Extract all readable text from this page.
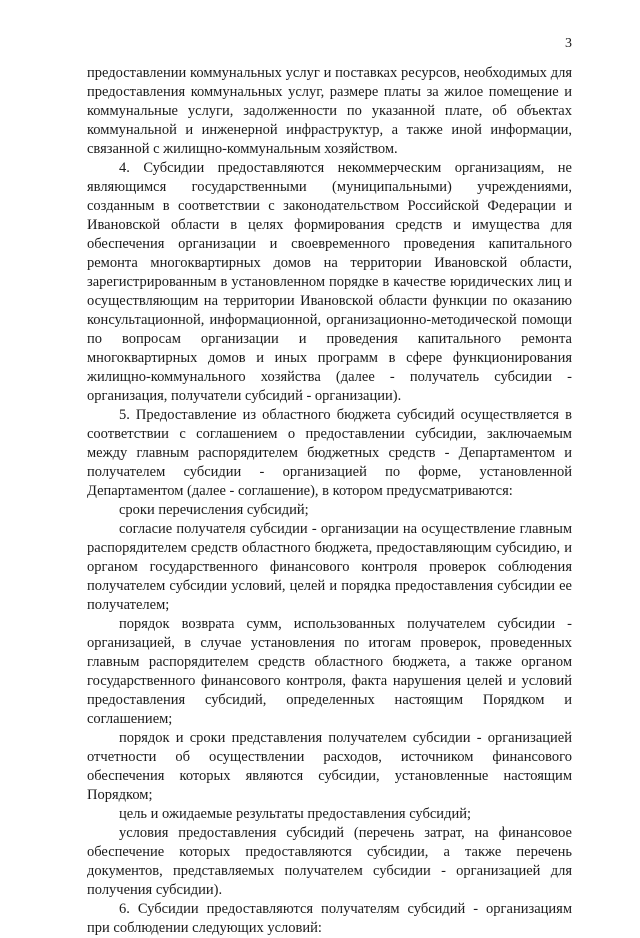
3

предоставлении коммунальных услуг и поставках ресурсов, необходимых для предоставления коммунальных услуг, размере платы за жилое помещение и коммунальные услуги, задолженности по указанной плате, об объектах коммунальной и инженерной инфраструктур, а также иной информации, связанной с жилищно-коммунальным хозяйством.

4. Субсидии предоставляются некоммерческим организациям, не являющимся государственными (муниципальными) учреждениями, созданным в соответствии с законодательством Российской Федерации и Ивановской области в целях формирования средств и имущества для обеспечения организации и своевременного проведения капитального ремонта многоквартирных домов на территории Ивановской области, зарегистрированным в установленном порядке в качестве юридических лиц и осуществляющим на территории Ивановской области функции по оказанию консультационной, информационной, организационно-методической помощи по вопросам организации и проведения капитального ремонта многоквартирных домов и иных программ в сфере функционирования жилищно-коммунального хозяйства (далее - получатель субсидии - организация, получатели субсидий - организации).

5. Предоставление из областного бюджета субсидий осуществляется в соответствии с соглашением о предоставлении субсидии, заключаемым между главным распорядителем бюджетных средств - Департаментом и получателем субсидии - организацией по форме, установленной Департаментом (далее - соглашение), в котором предусматриваются:

сроки перечисления субсидий;

согласие получателя субсидии - организации на осуществление главным распорядителем средств областного бюджета, предоставляющим субсидию, и органом государственного финансового контроля проверок соблюдения получателем субсидии условий, целей и порядка предоставления субсидии ее получателем;

порядок возврата сумм, использованных получателем субсидии - организацией, в случае установления по итогам проверок, проведенных главным распорядителем средств областного бюджета, а также органом государственного финансового контроля, факта нарушения целей и условий предоставления субсидий, определенных настоящим Порядком и соглашением;

порядок и сроки представления получателем субсидии - организацией отчетности об осуществлении расходов, источником финансового обеспечения которых являются субсидии, установленные настоящим Порядком;

цель и ожидаемые результаты предоставления субсидий;

условия предоставления субсидий (перечень затрат, на финансовое обеспечение которых предоставляются субсидии, а также перечень документов, представляемых получателем субсидии - организацией для получения субсидии).

6. Субсидии предоставляются получателям субсидий - организациям при соблюдении следующих условий:
